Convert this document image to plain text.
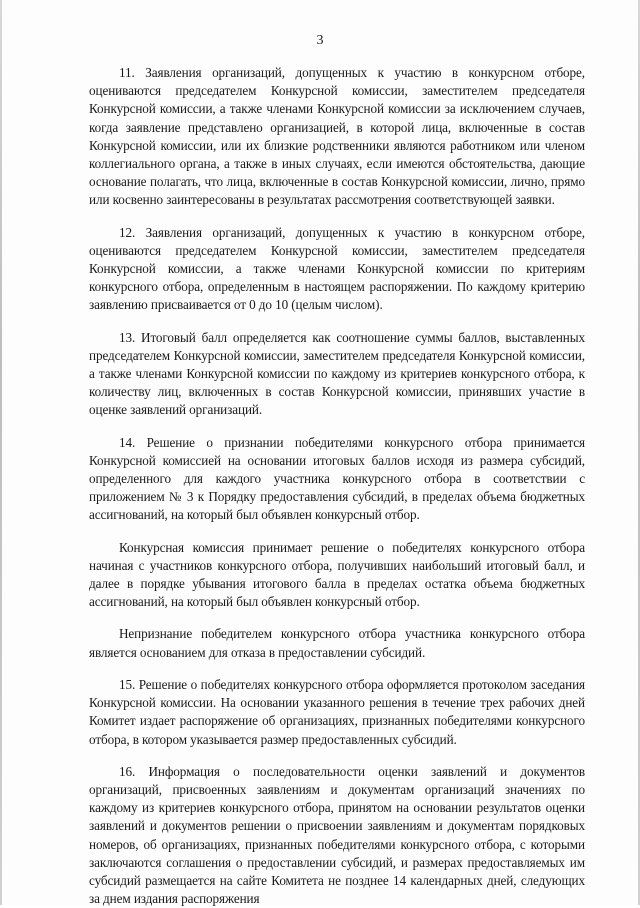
3

11. Заявления организаций, допущенных к участию в конкурсном отборе, оцениваются председателем Конкурсной комиссии, заместителем председателя Конкурсной комиссии, а также членами Конкурсной комиссии за исключением случаев, когда заявление представлено организацией, в которой лица, включенные в состав Конкурсной комиссии, или их близкие родственники являются работником или членом коллегиального органа, а также в иных случаях, если имеются обстоятельства, дающие основание полагать, что лица, включенные в состав Конкурсной комиссии, лично, прямо или косвенно заинтересованы в результатах рассмотрения соответствующей заявки.

12. Заявления организаций, допущенных к участию в конкурсном отборе, оцениваются председателем Конкурсной комиссии, заместителем председателя Конкурсной комиссии, а также членами Конкурсной комиссии по критериям конкурсного отбора, определенным в настоящем распоряжении. По каждому критерию заявлению присваивается от 0 до 10 (целым числом).

13. Итоговый балл определяется как соотношение суммы баллов, выставленных председателем Конкурсной комиссии, заместителем председателя Конкурсной комиссии, а также членами Конкурсной комиссии по каждому из критериев конкурсного отбора, к количеству лиц, включенных в состав Конкурсной комиссии, принявших участие в оценке заявлений организаций.

14. Решение о признании победителями конкурсного отбора принимается Конкурсной комиссией на основании итоговых баллов исходя из размера субсидий, определенного для каждого участника конкурсного отбора в соответствии с приложением № 3 к Порядку предоставления субсидий, в пределах объема бюджетных ассигнований, на который был объявлен конкурсный отбор.

Конкурсная комиссия принимает решение о победителях конкурсного отбора начиная с участников конкурсного отбора, получивших наибольший итоговый балл, и далее в порядке убывания итогового балла в пределах остатка объема бюджетных ассигнований, на который был объявлен конкурсный отбор.

Непризнание победителем конкурсного отбора участника конкурсного отбора является основанием для отказа в предоставлении субсидий.

15. Решение о победителях конкурсного отбора оформляется протоколом заседания Конкурсной комиссии. На основании указанного решения в течение трех рабочих дней Комитет издает распоряжение об организациях, признанных победителями конкурсного отбора, в котором указывается размер предоставленных субсидий.

16. Информация о последовательности оценки заявлений и документов организаций, присвоенных заявлениям и документам организаций значениях по каждому из критериев конкурсного отбора, принятом на основании результатов оценки заявлений и документов решении о присвоении заявлениям и документам порядковых номеров, об организациях, признанных победителями конкурсного отбора, с которыми заключаются соглашения о предоставлении субсидий, и размерах предоставляемых им субсидий размещается на сайте Комитета не позднее 14 календарных дней, следующих за днем издания распоряжения
